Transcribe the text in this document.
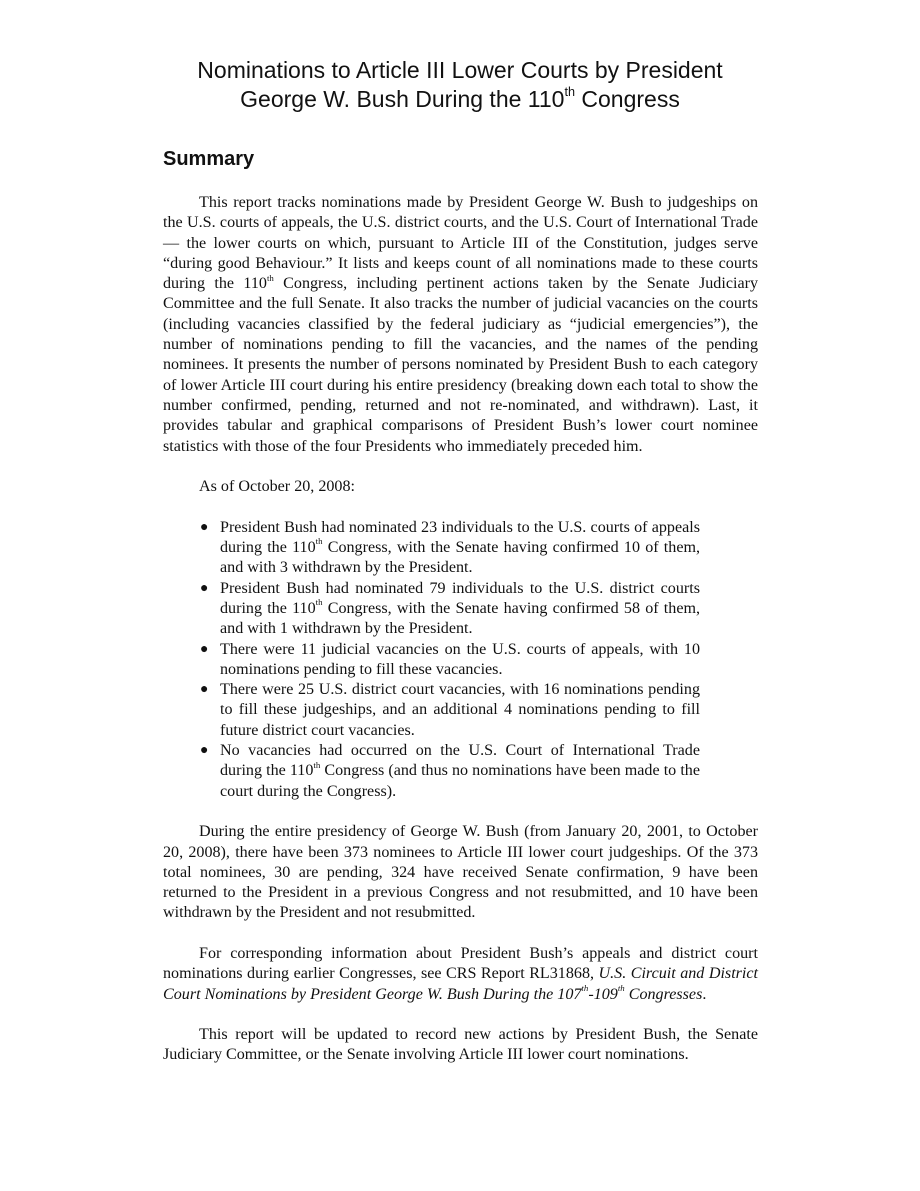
Nominations to Article III Lower Courts by President
George W. Bush During the 110th Congress
Summary

This report tracks nominations made by President George W. Bush to judgeships on the U.S. courts of appeals, the U.S. district courts, and the U.S. Court of International Trade — the lower courts on which, pursuant to Article III of the Constitution, judges serve “during good Behaviour.” It lists and keeps count of all nominations made to these courts during the 110th Congress, including pertinent actions taken by the Senate Judiciary Committee and the full Senate. It also tracks the number of judicial vacancies on the courts (including vacancies classified by the federal judiciary as “judicial emergencies”), the number of nominations pending to fill the vacancies, and the names of the pending nominees. It presents the number of persons nominated by President Bush to each category of lower Article III court during his entire presidency (breaking down each total to show the number confirmed, pending, returned and not re-nominated, and withdrawn). Last, it provides tabular and graphical comparisons of President Bush’s lower court nominee statistics with those of the four Presidents who immediately preceded him.

As of October 20, 2008:

● President Bush had nominated 23 individuals to the U.S. courts of appeals during the 110th Congress, with the Senate having confirmed 10 of them, and with 3 withdrawn by the President.
● President Bush had nominated 79 individuals to the U.S. district courts during the 110th Congress, with the Senate having confirmed 58 of them, and with 1 withdrawn by the President.
● There were 11 judicial vacancies on the U.S. courts of appeals, with 10 nominations pending to fill these vacancies.
● There were 25 U.S. district court vacancies, with 16 nominations pending to fill these judgeships, and an additional 4 nominations pending to fill future district court vacancies.
● No vacancies had occurred on the U.S. Court of International Trade during the 110th Congress (and thus no nominations have been made to the court during the Congress).

During the entire presidency of George W. Bush (from January 20, 2001, to October 20, 2008), there have been 373 nominees to Article III lower court judgeships. Of the 373 total nominees, 30 are pending, 324 have received Senate confirmation, 9 have been returned to the President in a previous Congress and not resubmitted, and 10 have been withdrawn by the President and not resubmitted.

For corresponding information about President Bush’s appeals and district court nominations during earlier Congresses, see CRS Report RL31868, U.S. Circuit and District Court Nominations by President George W. Bush During the 107th-109th Congresses.

This report will be updated to record new actions by President Bush, the Senate Judiciary Committee, or the Senate involving Article III lower court nominations.
